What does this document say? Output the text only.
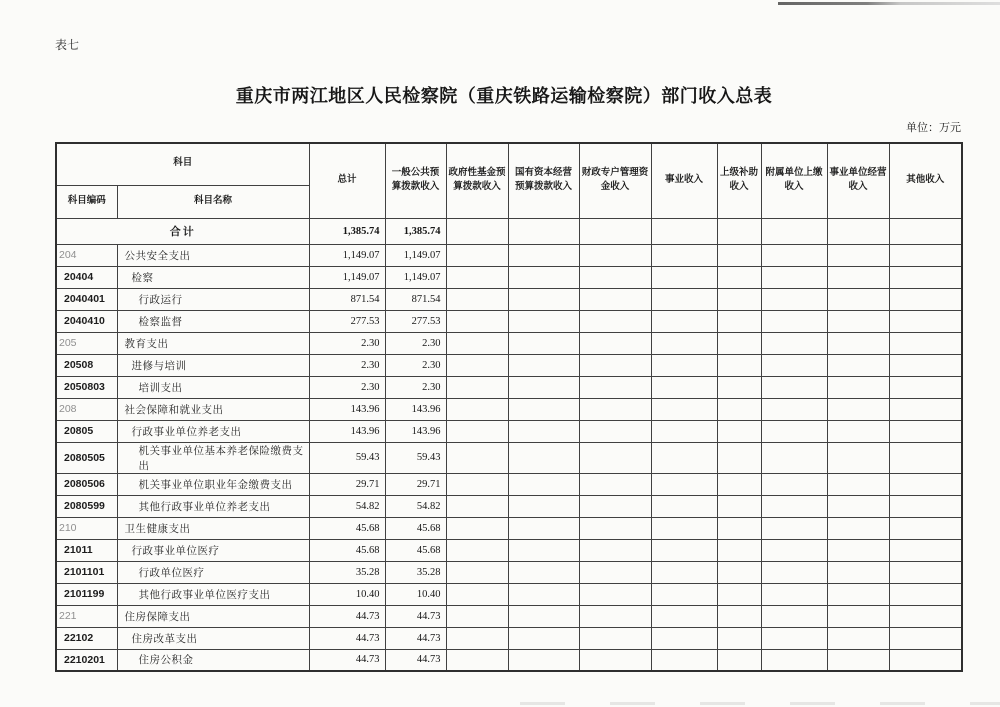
表七
重庆市两江地区人民检察院（重庆铁路运输检察院）部门收入总表
单位：万元
科目		总计	一般公共预算拨款收入	政府性基金预算拨款收入	国有资本经营预算拨款收入	财政专户管理资金收入	事业收入	上级补助收入	附属单位上缴收入	事业单位经营收入	其他收入
科目编码	科目名称										
合计		1,385.74	1,385.74								
204	公共安全支出	1,149.07	1,149.07								
20404	检察	1,149.07	1,149.07								
2040401	行政运行	871.54	871.54								
2040410	检察监督	277.53	277.53								
205	教育支出	2.30	2.30								
20508	进修与培训	2.30	2.30								
2050803	培训支出	2.30	2.30								
208	社会保障和就业支出	143.96	143.96								
20805	行政事业单位养老支出	143.96	143.96								
2080505	机关事业单位基本养老保险缴费支出	59.43	59.43								
2080506	机关事业单位职业年金缴费支出	29.71	29.71								
2080599	其他行政事业单位养老支出	54.82	54.82								
210	卫生健康支出	45.68	45.68								
21011	行政事业单位医疗	45.68	45.68								
2101101	行政单位医疗	35.28	35.28								
2101199	其他行政事业单位医疗支出	10.40	10.40								
221	住房保障支出	44.73	44.73								
22102	住房改革支出	44.73	44.73								
2210201	住房公积金	44.73	44.73								
